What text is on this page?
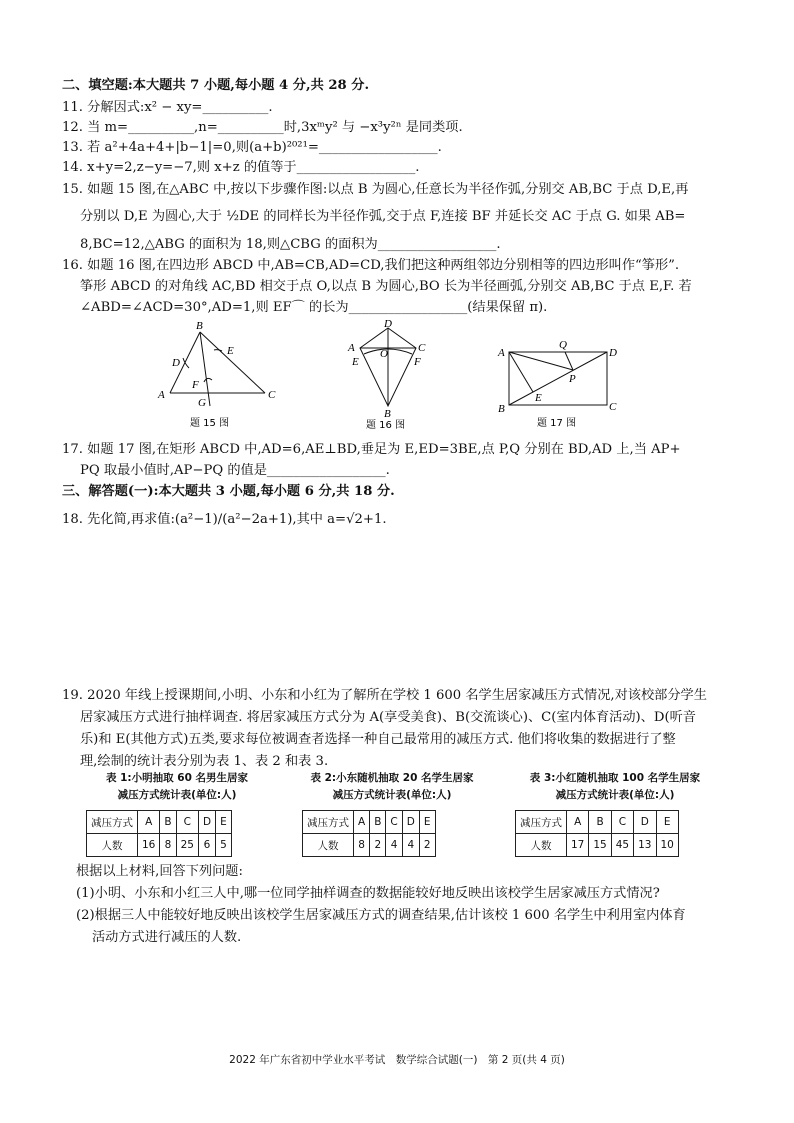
二、填空题:本大题共 7 小题,每小题 4 分,共 28 分.
11. 分解因式:x² − xy=__________.
12. 当 m=__________,n=__________时,3xᵐy² 与 −x³y²ⁿ 是同类项.
13. 若 a²+4a+4+|b−1|=0,则(a+b)²⁰²¹=__________________.
14. x+y=2,z−y=−7,则 x+z 的值等于__________________.
15. 如题 15 图,在△ABC 中,按以下步骤作图:以点 B 为圆心,任意长为半径作弧,分别交 AB,BC 于点 D,E,再
分别以 D,E 为圆心,大于 ½DE 的同样长为半径作弧,交于点 F,连接 BF 并延长交 AC 于点 G. 如果 AB=
8,BC=12,△ABG 的面积为 18,则△CBG 的面积为__________________.
16. 如题 16 图,在四边形 ABCD 中,AB=CB,AD=CD,我们把这种两组邻边分别相等的四边形叫作“筝形”.
筝形 ABCD 的对角线 AC,BD 相交于点 O,以点 B 为圆心,BO 长为半径画弧,分别交 AB,BC 于点 E,F. 若
∠ABD=∠ACD=30°,AD=1,则 EF⌒ 的长为__________________(结果保留 π).
B
D
E
F
A	C
G
题 15 图
D
A	C
O
E	F
B
题 16 图
A	D
B	C
Q
P
E
题 17 图
17. 如题 17 图,在矩形 ABCD 中,AD=6,AE⊥BD,垂足为 E,ED=3BE,点 P,Q 分别在 BD,AD 上,当 AP+
PQ 取最小值时,AP−PQ 的值是__________________.
三、解答题(一):本大题共 3 小题,每小题 6 分,共 18 分.
18. 先化简,再求值:(a²−1)/(a²−2a+1),其中 a=√2+1.
19. 2020 年线上授课期间,小明、小东和小红为了解所在学校 1 600 名学生居家减压方式情况,对该校部分学生
居家减压方式进行抽样调查. 将居家减压方式分为 A(享受美食)、B(交流谈心)、C(室内体育活动)、D(听音
乐)和 E(其他方式)五类,要求每位被调查者选择一种自己最常用的减压方式. 他们将收集的数据进行了整
理,绘制的统计表分别为表 1、表 2 和表 3.
表 1:小明抽取 60 名男生居家
减压方式统计表(单位:人)
减压方式	A	B	C	D	E
人数	16	8	25	6	5
表 2:小东随机抽取 20 名学生居家
减压方式统计表(单位:人)
减压方式	A	B	C	D	E
人数	8	2	4	4	2
表 3:小红随机抽取 100 名学生居家
减压方式统计表(单位:人)
减压方式	A	B	C	D	E
人数	17	15	45	13	10
根据以上材料,回答下列问题:
(1)小明、小东和小红三人中,哪一位同学抽样调查的数据能较好地反映出该校学生居家减压方式情况?
(2)根据三人中能较好地反映出该校学生居家减压方式的调查结果,估计该校 1 600 名学生中利用室内体育
活动方式进行减压的人数.
2022 年广东省初中学业水平考试　数学综合试题(一)　第 2 页(共 4 页)
